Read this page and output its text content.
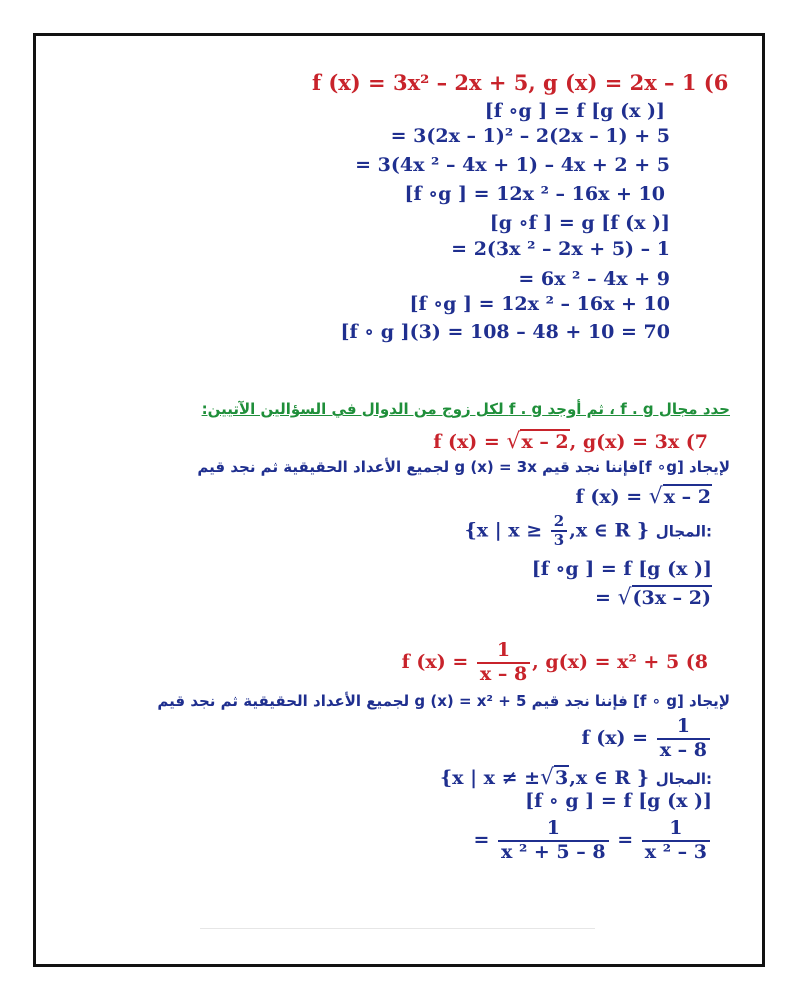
f (x) = 3x² – 2x + 5, g (x) = 2x – 1 (6
[f ∘g ] = f [g (x )]
= 3(2x – 1)² – 2(2x – 1) + 5
= 3(4x ² – 4x + 1) – 4x + 2 + 5
[f ∘g ] = 12x ² – 16x + 10
[g ∘f ] = g [f (x )]
= 2(3x ² – 2x + 5) – 1
= 6x ² – 4x + 9
[f ∘g ] = 12x ² – 16x + 10
[f ∘ g ](3) = 108 – 48 + 10 = 70
حدد مجال f . g ، ثم أوجد f . g لكل زوج من الدوال في السؤالين الآتيين:
f (x) = √x – 2, g(x) = 3x (7
لإيجاد [f ∘g]فإننا نجد قيم g (x) = 3x لجميع الأعداد الحقيقية ثم نجد قيم
f (x) = √x – 2
{x | $x \ge \frac{2}{3} ,x$ ∈ R } المجال:
[f ∘g ] = f [g (x )]
= √(3x – 2)
f $(x) = \frac{1}{x - 8}$ , g(x) = x² + 5 (8
لإيجاد [f ∘ g] فإننا نجد قيم g (x) = x² + 5 لجميع الأعداد الحقيقية ثم نجد قيم
f $(x) = \frac{1}{x - 8}$
{x | x ≠ ±√3,x ∈ R } المجال:
[f ∘ g ] = f [g (x )]
= $\frac{1}{\text{x ² + 5 – 8}} = \frac{1}{\text{x ² – 3}}$
